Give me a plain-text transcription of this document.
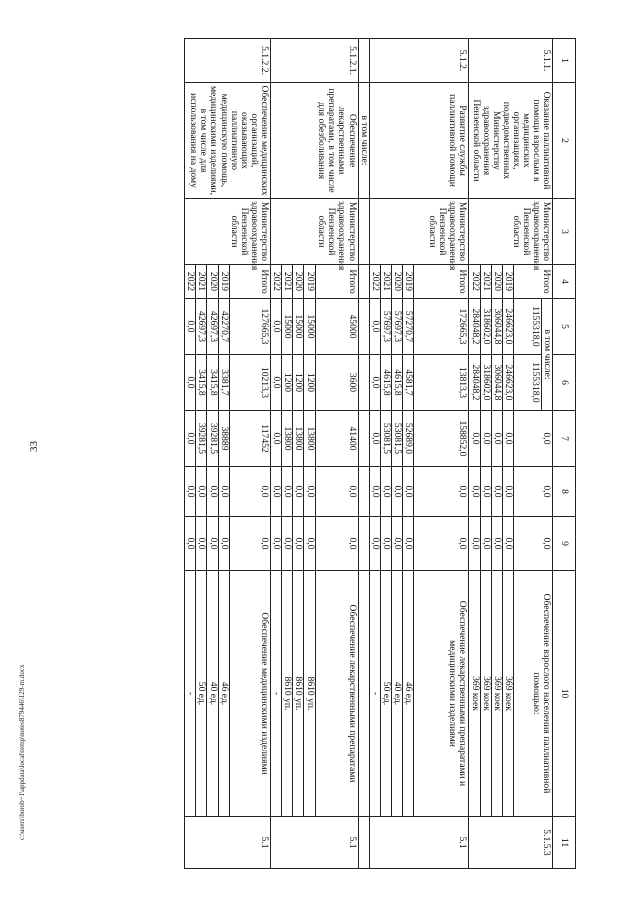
33
1	2	3	4	5	6	7	8	9	10	11
5.1.1.	Оказание паллиативной помощи взрослым в медицинских организациях, подведомственных Министерству здравоохранения Пензенской области	Министерство здравоохранения Пензенской области	Итого	в том числе:		0,0	0,0	0,0	Обеспечение взрослого населения паллиативной помощью:	5.1.5.3
				1155318,0	1155318,0					
			2019	246623,0	246623,0	0,0	0,0	0,0	369 коек	
			2020	306044,8	306044,8	0,0	0,0	0,0	369 коек	
			2021	318602,0	318602,0	0,0	0,0	0,0	369 коек	
			2022	284048,2	284048,2	0,0	0,0	0,0	369 коек	
5.1.2.	Развитие службы паллиативной помощи	Министерство здравоохранения Пензенской области	Итого	172665,3	13813,3	158852,0	0,0	0,0	Обеспечение лекарственными препаратами и медицинскими изделиями	5.1
			2019	57270,7	4581,7	52689,0	0,0	0,0	46 ед.	
			2020	57697,3	4615,8	53081,5	0,0	0,0	40 ед.	
			2021	57697,3	4615,8	53081,5	0,0	0,0	50 ед.	
			2022	0,0	0,0	0,0	0,0	0,0	-	
	в том числе:									
5.1.2.1.	Обеспечение лекарственными препаратами, в том числе для обезболивания	Министерство здравоохранения Пензенской области	Итого	45000	3600	41400	0,0	0,0	Обеспечение лекарственными препаратами	5.1
			2019	15000	1200	13800	0,0	0,0	8610 уп.	
			2020	15000	1200	13800	0,0	0,0	8610 уп.	
			2021	15000	1200	13800	0,0	0,0	8610 уп.	
			2022	0,0	0,0	0,0	0,0	0,0	-	
5.1.2.2.	Обеспечение медицинских организаций, оказывающих паллиативную медицинскую помощь, медицинскими изделиями, в том числе для использования на дому	Министерство здравоохранения Пензенской области	Итого	127665,3	10213,3	117452	0,0	0,0	Обеспечение медицинскими изделиями	5.1
			2019	42270,7	3381,7	38889	0,0	0,0	46 ед.	
			2020	42697,3	3415,8	39281,5	0,0	0,0	40 ед.	
			2021	42697,3	3415,8	39281,5	0,0	0,0	50 ед.	
			2022	0,0	0,0	0,0	0,0	0,0	-	
c:\users\borob~1\appdata\local\temp\notes879446\129-m.docx
